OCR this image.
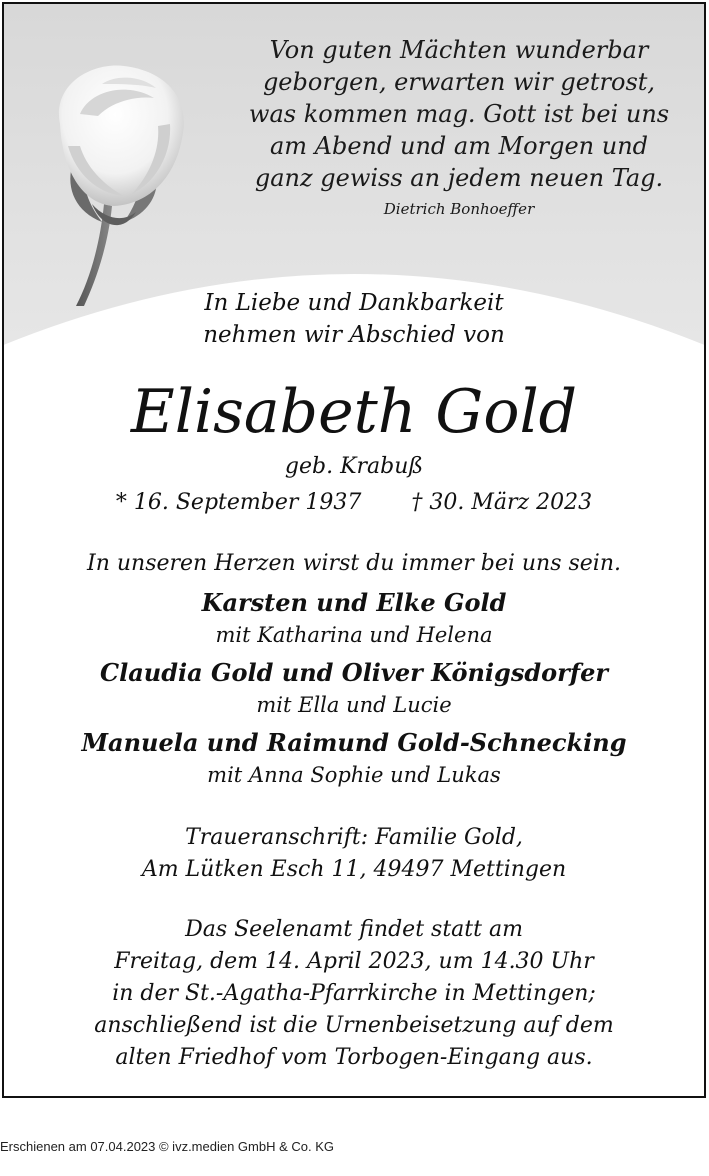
Von guten Mächten wunderbar
geborgen, erwarten wir getrost,
was kommen mag. Gott ist bei uns
am Abend und am Morgen und
ganz gewiss an jedem neuen Tag.
Dietrich Bonhoeffer
In Liebe und Dankbarkeit
nehmen wir Abschied von
Elisabeth Gold
geb. Krabuß
* 16. September 1937 † 30. März 2023
In unseren Herzen wirst du immer bei uns sein.
Karsten und Elke Gold
mit Katharina und Helena
Claudia Gold und Oliver Königsdorfer
mit Ella und Lucie
Manuela und Raimund Gold-Schnecking
mit Anna Sophie und Lukas
Traueranschrift: Familie Gold,
Am Lütken Esch 11, 49497 Mettingen
Das Seelenamt findet statt am
Freitag, dem 14. April 2023, um 14.30 Uhr
in der St.-Agatha-Pfarrkirche in Mettingen;
anschließend ist die Urnenbeisetzung auf dem
alten Friedhof vom Torbogen-Eingang aus.
Erschienen am 07.04.2023 © ivz.medien GmbH & Co. KG
